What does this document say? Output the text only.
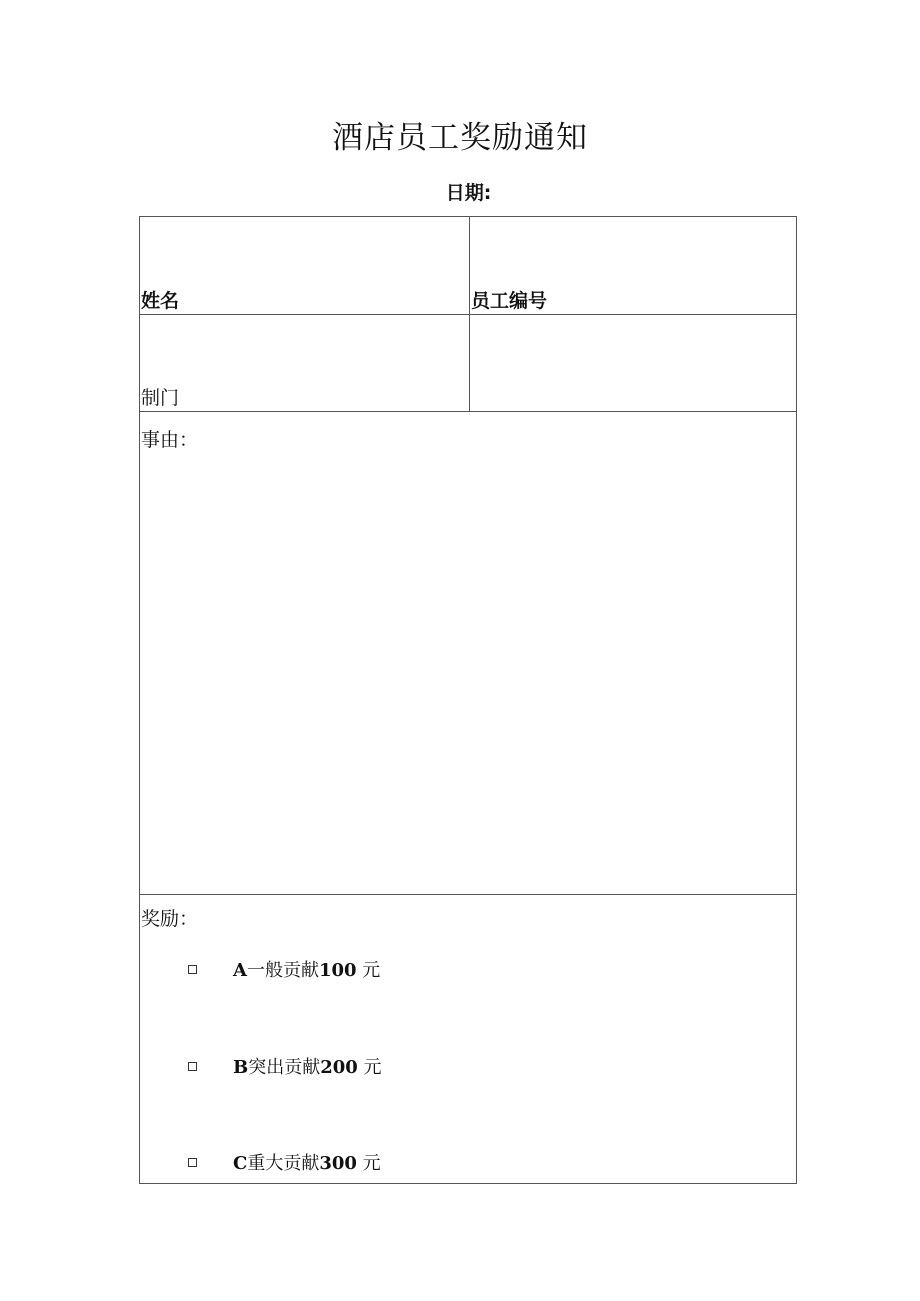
酒店员工奖励通知
日期:
姓名	员工编号
制门
事由：
奖励：
A一般贡献100 元
B突出贡献200 元
C重大贡献300 元
